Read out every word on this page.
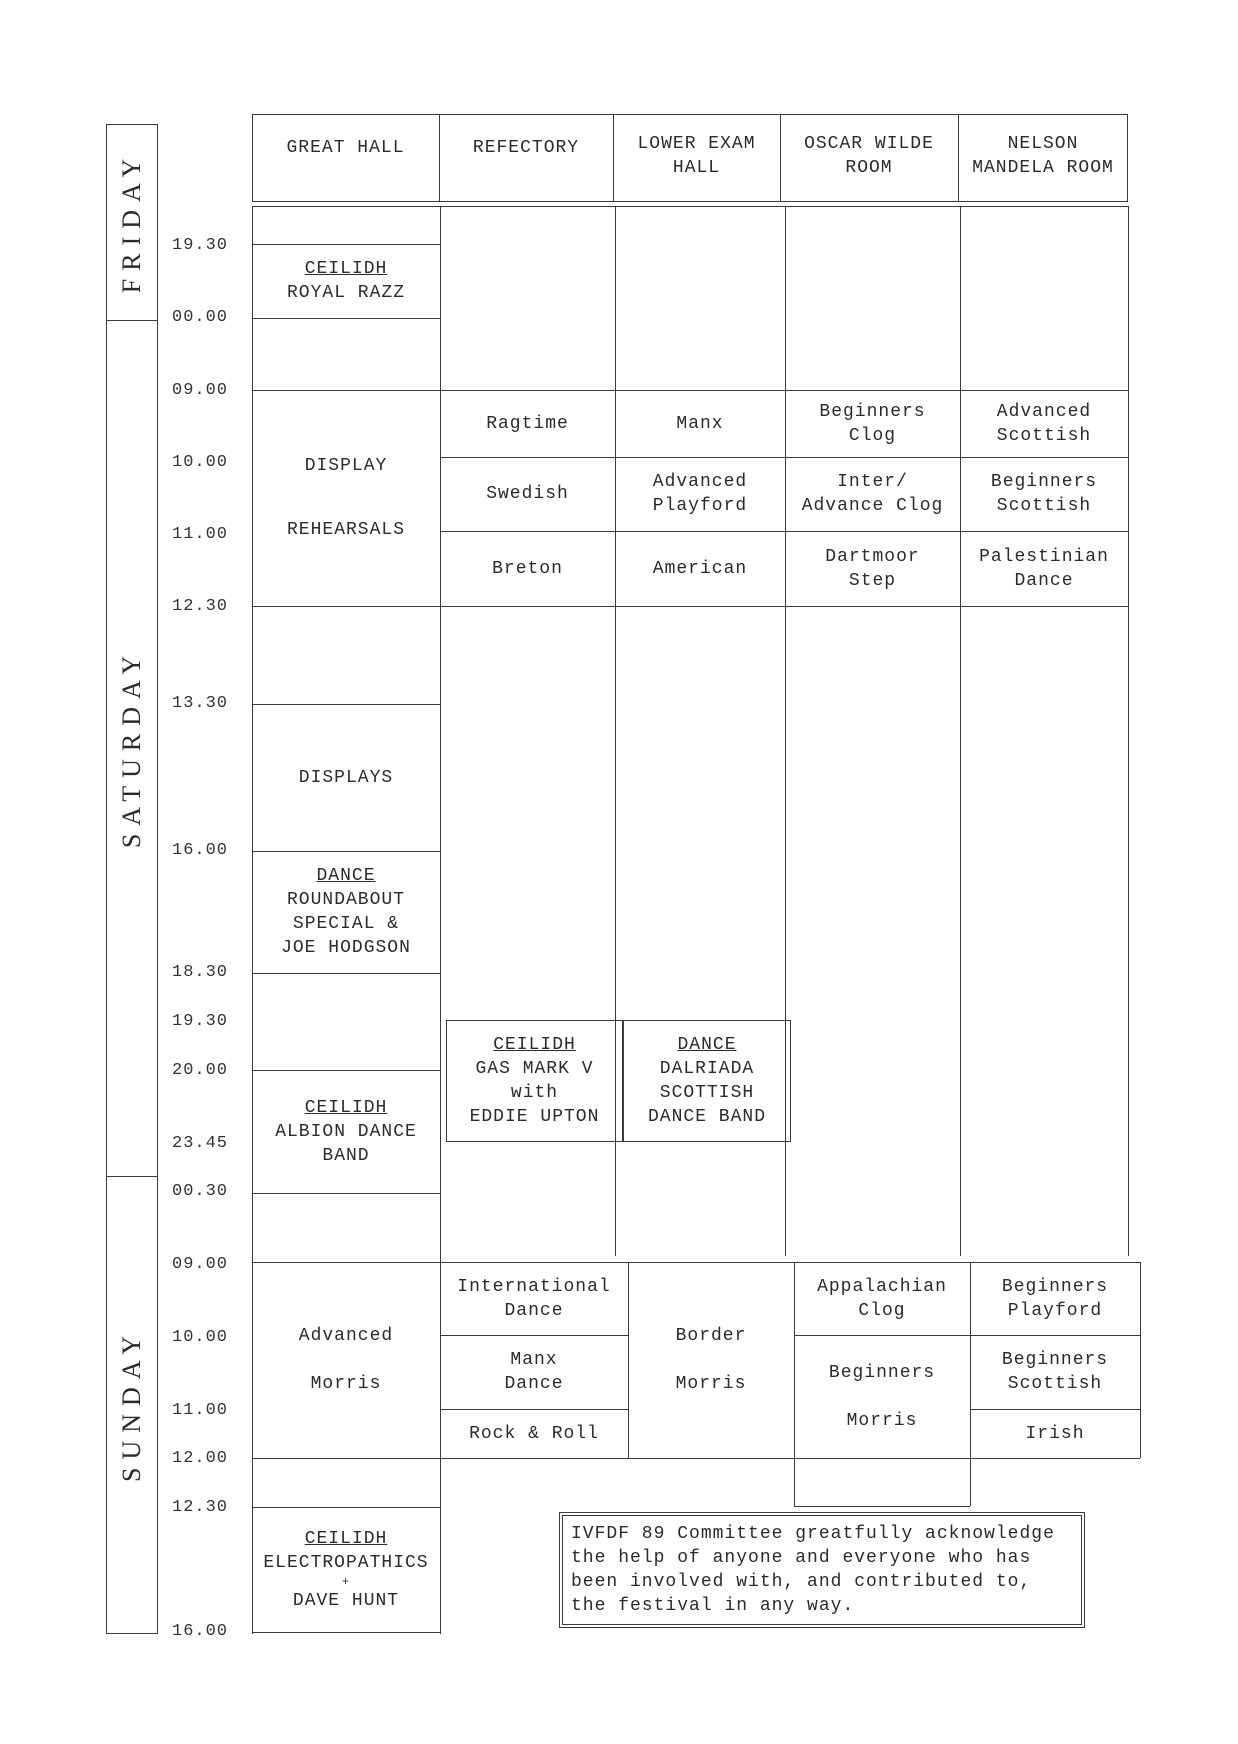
FRIDAY
SATURDAY
SUNDAY
19.30
00.00
09.00
10.00
11.00
12.30
13.30
16.00
18.30
19.30
20.00
23.45
00.30
09.00
10.00
11.00
12.00
12.30
16.00
GREAT HALL	REFECTORY	LOWER EXAM HALL
OSCAR WILDE ROOM
NELSON MANDELA ROOM
CEILIDH
ROYAL RAZZ
DISPLAY
REHEARSALS
DISPLAYS
DANCE
ROUNDABOUT
SPECIAL &
JOE HODGSON
CEILIDH
ALBION DANCE
BAND
Ragtime
Swedish
Breton
Manx
Advanced Playford
American
Beginners Clog
Inter/ Advance Clog
Dartmoor Step
Advanced Scottish
Beginners Scottish
Palestinian Dance
CEILIDH
GAS MARK V
with
EDDIE UPTON
DANCE
DALRIADA
SCOTTISH
DANCE BAND
Advanced
Morris
International Dance
Manx Dance
Rock & Roll
Border
Morris
Appalachian Clog
Beginners
Morris
Beginners Playford
Beginners Scottish
Irish
CEILIDH
ELECTROPATHICS
+
DAVE HUNT
IVFDF 89 Committee greatfully acknowledge
the help of anyone and everyone who has
been involved with, and contributed to,
the festival in any way.
